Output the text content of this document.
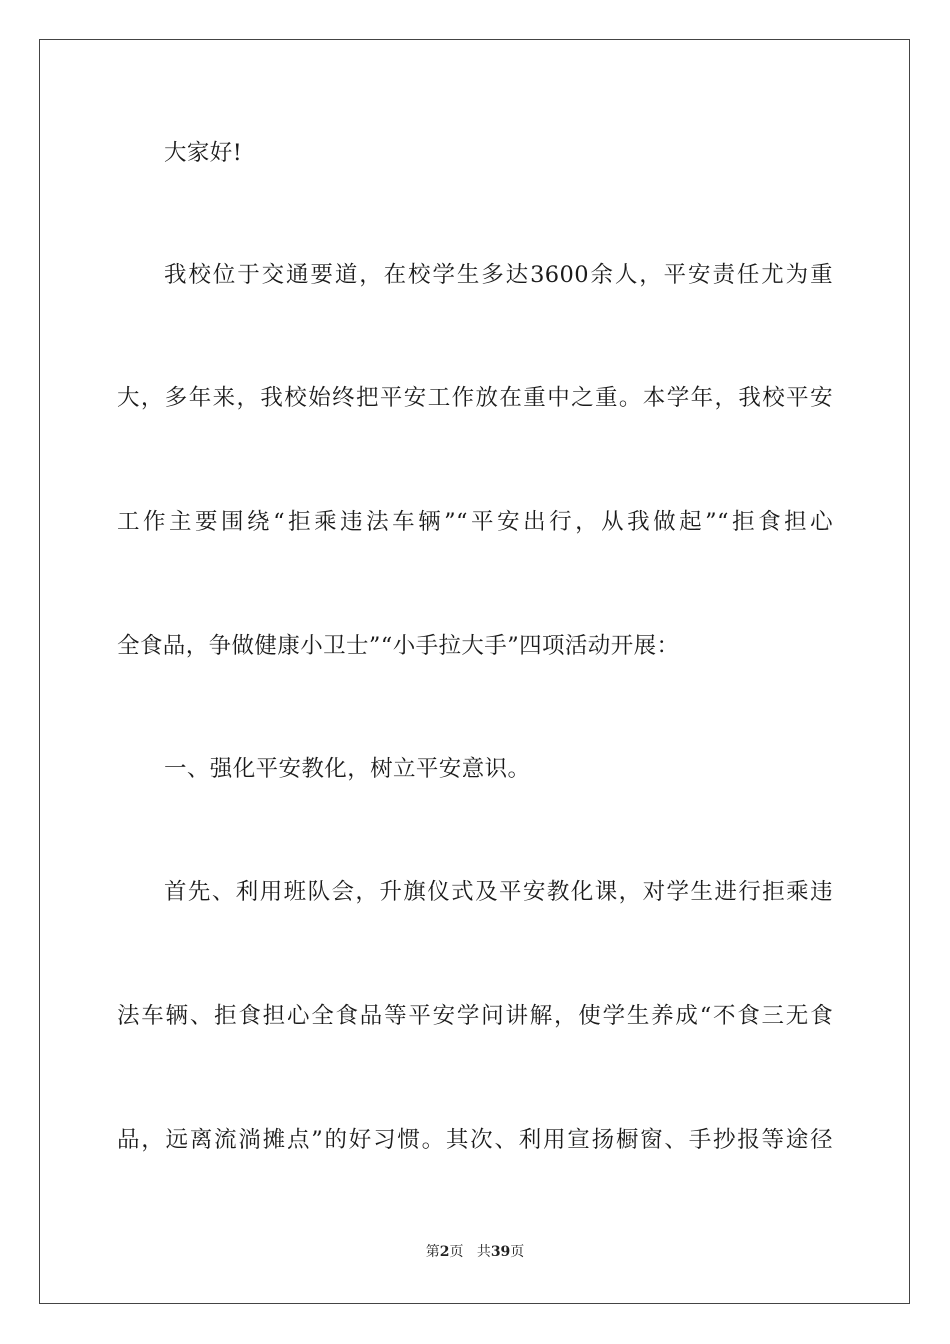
大家好!
我校位于交通要道，在校学生多达3600余人，平安责任尤为重
大，多年来，我校始终把平安工作放在重中之重。本学年，我校平安
工作主要围绕“拒乘违法车辆”“平安出行，从我做起”“拒食担心
全食品，争做健康小卫士”“小手拉大手”四项活动开展：
一、强化平安教化，树立平安意识。
首先、利用班队会，升旗仪式及平安教化课，对学生进行拒乘违
法车辆、拒食担心全食品等平安学问讲解，使学生养成“不食三无食
品，远离流淌摊点”的好习惯。其次、利用宣扬橱窗、手抄报等途径
第2页 共39页
